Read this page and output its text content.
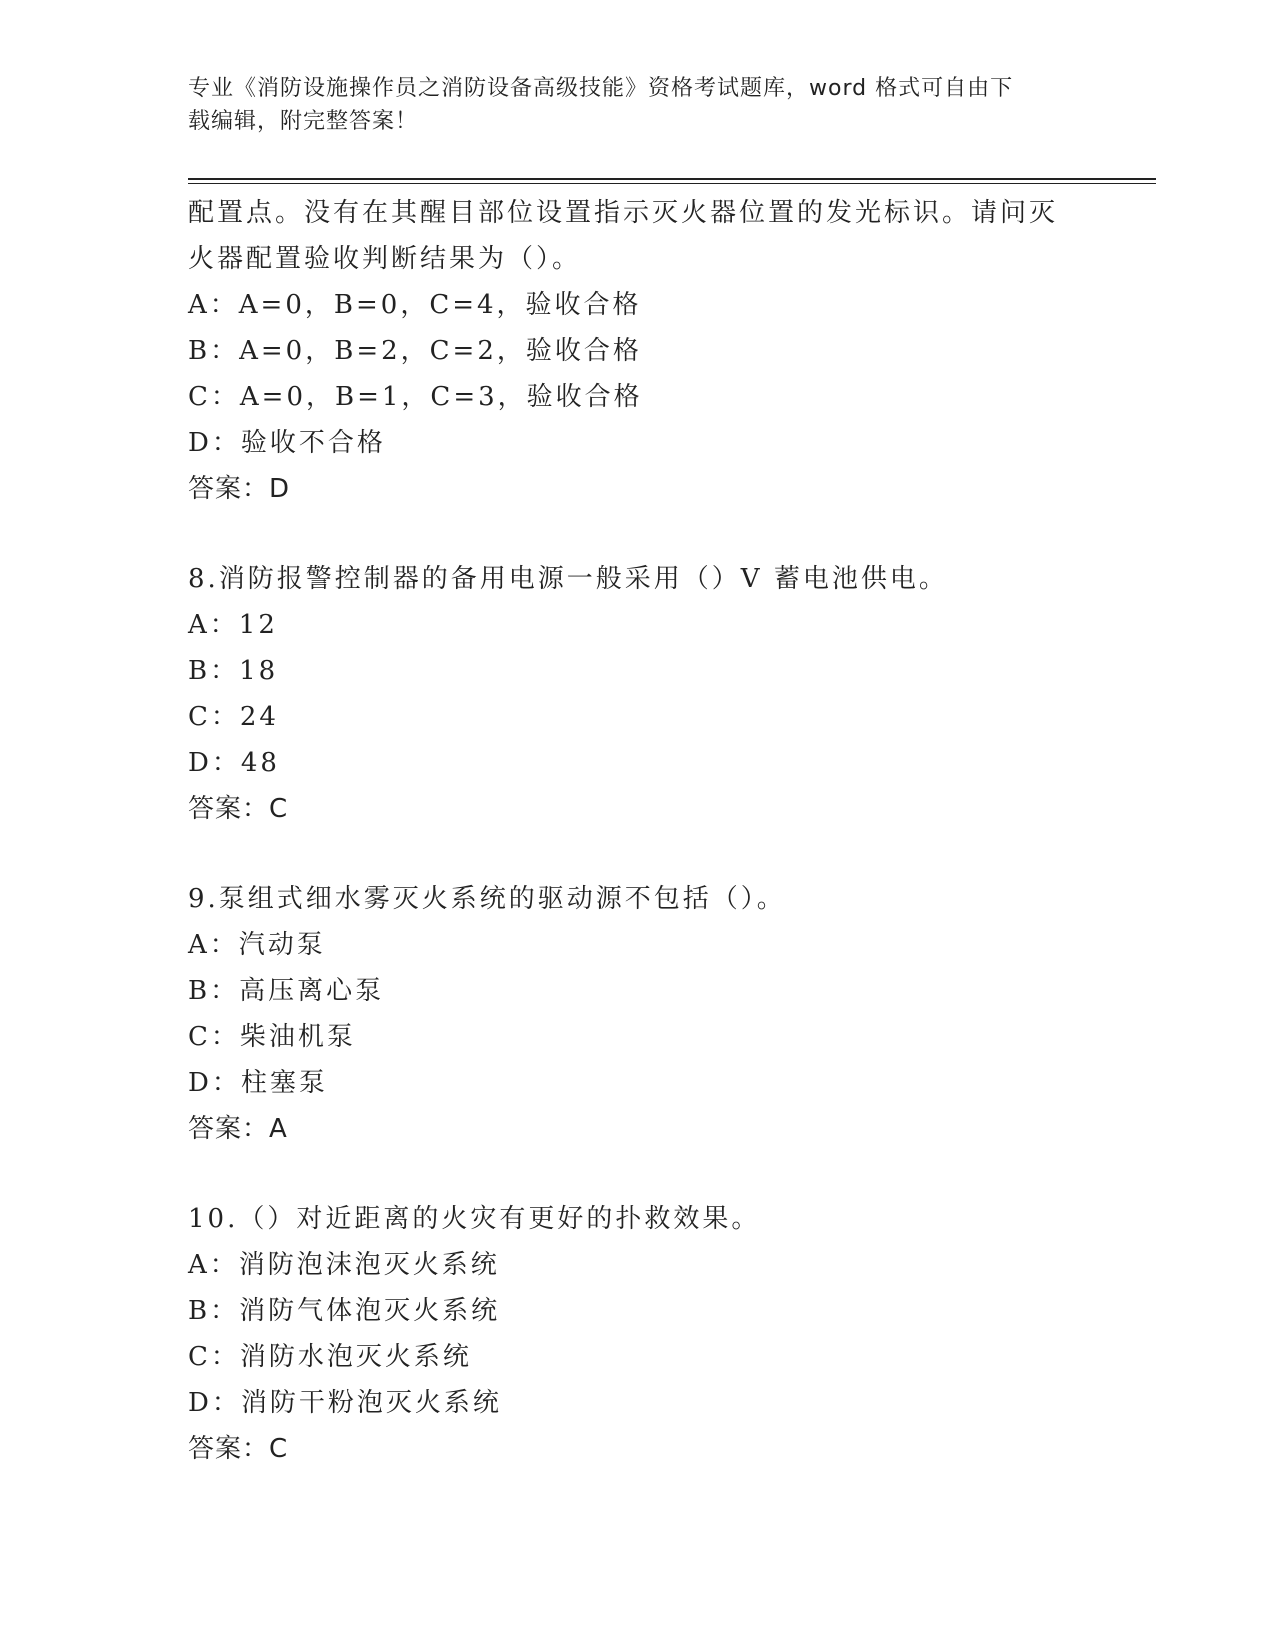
专业《消防设施操作员之消防设备高级技能》资格考试题库，word 格式可自由下
载编辑，附完整答案！
配置点。没有在其醒目部位设置指示灭火器位置的发光标识。请问灭
火器配置验收判断结果为（）。
A：A=0，B=0，C=4，验收合格
B：A=0，B=2，C=2，验收合格
C：A=0，B=1，C=3，验收合格
D：验收不合格
答案：D
8.消防报警控制器的备用电源一般采用（）V 蓄电池供电。
A：12
B：18
C：24
D：48
答案：C
9.泵组式细水雾灭火系统的驱动源不包括（）。
A：汽动泵
B：高压离心泵
C：柴油机泵
D：柱塞泵
答案：A
10.（）对近距离的火灾有更好的扑救效果。
A：消防泡沫泡灭火系统
B：消防气体泡灭火系统
C：消防水泡灭火系统
D：消防干粉泡灭火系统
答案：C
